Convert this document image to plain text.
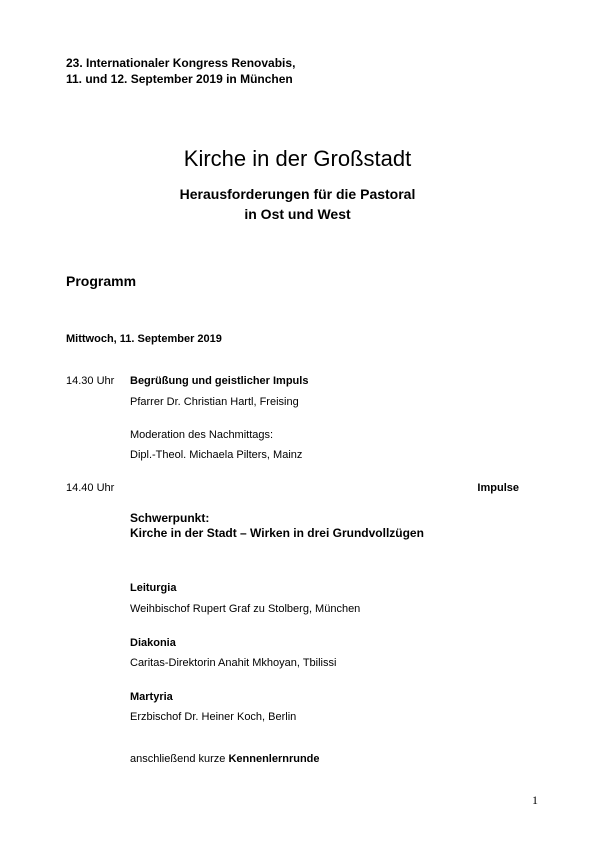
23. Internationaler Kongress Renovabis,
11. und 12. September 2019 in München
Kirche in der Großstadt
Herausforderungen für die Pastoral
in Ost und West
Programm
Mittwoch, 11. September 2019
14.30 Uhr Begrüßung und geistlicher Impuls
Pfarrer Dr. Christian Hartl, Freising
Moderation des Nachmittags:
Dipl.-Theol. Michaela Pilters, Mainz
14.40 Uhr	Impulse
Schwerpunkt:
Kirche in der Stadt – Wirken in drei Grundvollzügen
Leiturgia
Weihbischof Rupert Graf zu Stolberg, München
Diakonia
Caritas-Direktorin Anahit Mkhoyan, Tbilissi
Martyria
Erzbischof Dr. Heiner Koch, Berlin
anschließend kurze Kennenlernrunde
1
